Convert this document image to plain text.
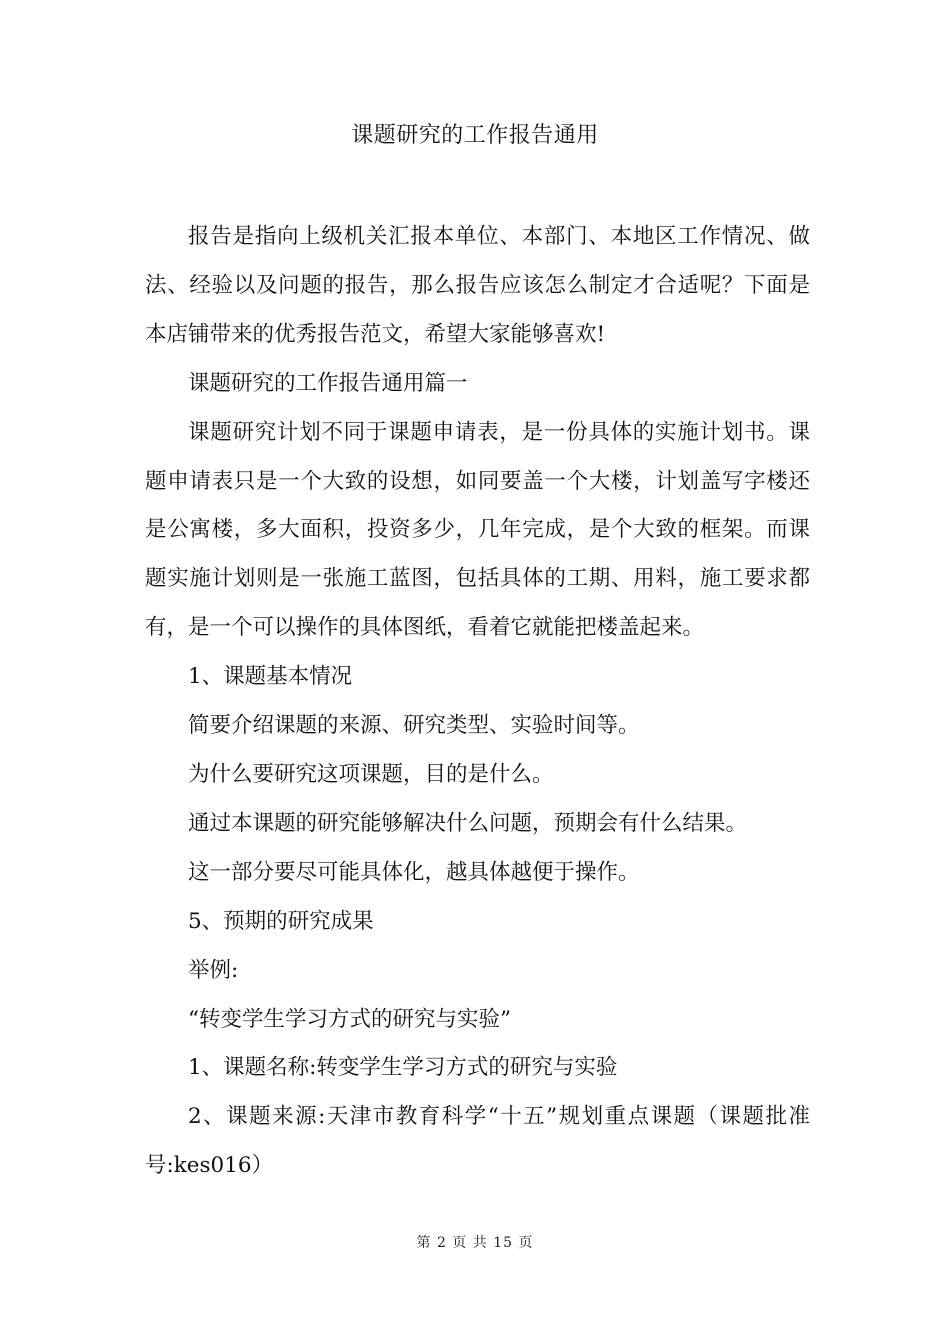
课题研究的工作报告通用

报告是指向上级机关汇报本单位、本部门、本地区工作情况、做法、经验以及问题的报告，那么报告应该怎么制定才合适呢？下面是本店铺带来的优秀报告范文，希望大家能够喜欢!

课题研究的工作报告通用篇一

课题研究计划不同于课题申请表，是一份具体的实施计划书。课题申请表只是一个大致的设想，如同要盖一个大楼，计划盖写字楼还是公寓楼，多大面积，投资多少，几年完成，是个大致的框架。而课题实施计划则是一张施工蓝图，包括具体的工期、用料，施工要求都有，是一个可以操作的具体图纸，看着它就能把楼盖起来。

1、课题基本情况

简要介绍课题的来源、研究类型、实验时间等。

为什么要研究这项课题，目的是什么。

通过本课题的研究能够解决什么问题，预期会有什么结果。

这一部分要尽可能具体化，越具体越便于操作。

5、预期的研究成果

举例:

“转变学生学习方式的研究与实验”

1、课题名称:转变学生学习方式的研究与实验

2、课题来源:天津市教育科学“十五”规划重点课题（课题批准号:kes016）

第 2 页 共 15 页
